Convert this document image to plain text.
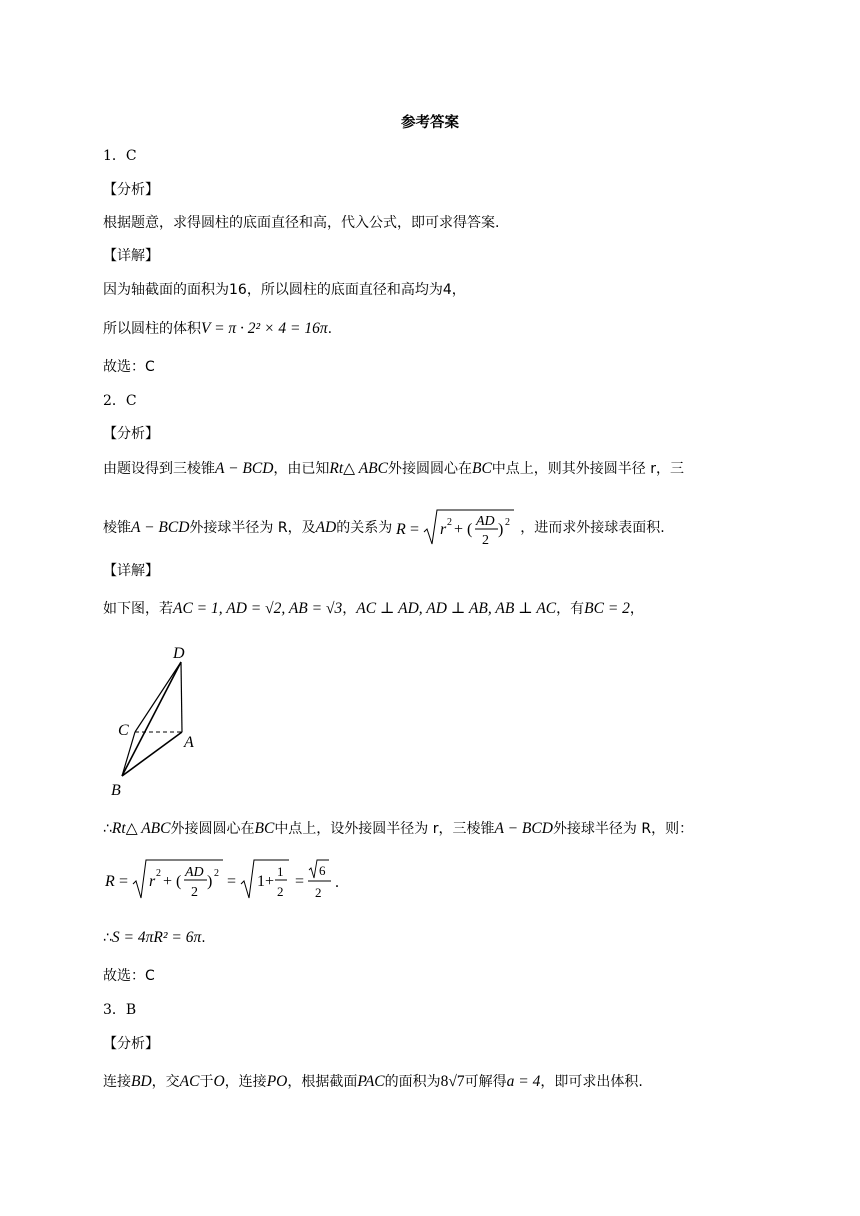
参考答案
1．C
【分析】
根据题意，求得圆柱的底面直径和高，代入公式，即可求得答案.
【详解】
因为轴截面的面积为16，所以圆柱的底面直径和高均为4，
所以圆柱的体积V = π · 2² × 4 = 16π.
故选：C
2．C
【分析】
由题设得到三棱锥A − BCD，由已知Rt△ ABC外接圆圆心在BC中点上，则其外接圆半径 r，三
棱锥 A − BCD 外接球半径为 R，及 AD 的关系为 R = r 2 + ( AD
2
) 2 ，进而求外接球表面积.
【详解】
如下图，若AC = 1, AD = √2, AB = √3，AC ⊥ AD, AD ⊥ AB, AB ⊥ AC，有BC = 2，
D
C
A
B
∴Rt△ ABC外接圆圆心在BC中点上，设外接圆半径为 r，三棱锥A − BCD外接球半径为 R，则：
R = r 2 + (
AD
2
) 2 = 1+
1
2
=
6
2
.
∴S = 4πR² = 6π.
故选：C
3．B
【分析】
连接BD，交AC于O，连接PO，根据截面PAC的面积为8√7可解得a = 4，即可求出体积.
